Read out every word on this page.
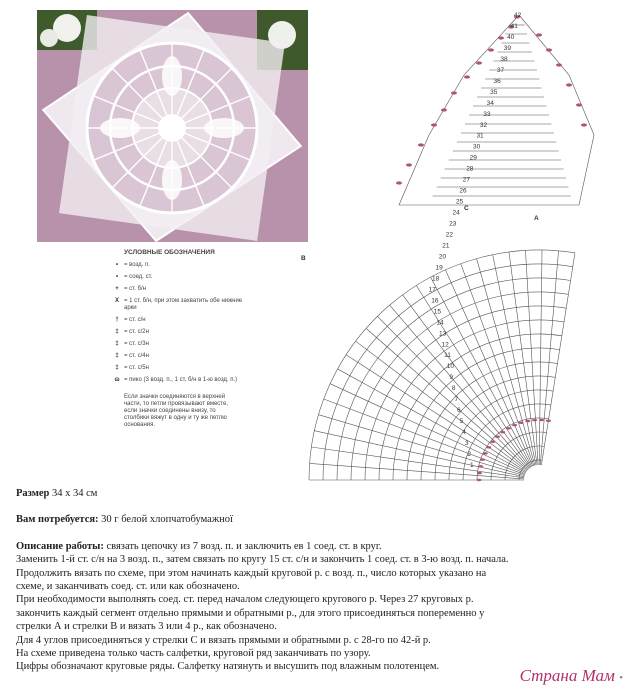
УСЛОВНЫЕ ОБОЗНАЧЕНИЯ
• = возд. п.
• = соед. ст.
+ = ст. б/н
X = 1 ст. б/н, при этом захватить обе нижние арки
† = ст. с/н
‡ = ст. с/2н
‡ = ст. с/3н
‡ = ст. с/4н
‡ = ст. с/5н
ɷ = пико (3 возд. п., 1 ст. б/н в 1-ю возд. п.)
Если значки соединяются в верхней части, то петли провязывают вместе, если значки соединены внизу, то столбики вяжут в одну и ту же петлю основания.
42
41
40
39
38
37
36
35
34
33
32
31
30
29
28
27
26
25
24
23
22
21
20
19
18
17
16
15
14
13
12
11
10
9
8
7
6
5
4
3
2
1
A
B
C
Размер 34 х 34 см
Вам потребуется: 30 г белой хлопчатобумажної
Описание работы: связать цепочку из 7 возд. п. и заключить ев 1 соед. ст. в круг.
Заменить 1-й ст. с/н на 3 возд. п., затем связать по кругу 15 ст. с/н и закончить 1 соед. ст. в 3-ю возд. п. начала.
Продолжить вязать по схеме, при этом начинать каждый круговой р. с возд. п., число которых указано на
схеме, и заканчивать соед. ст. или как обозначено.
При необходимости выполнять соед. ст. перед началом следующего кругового р. Через 27 круговых р.
закончить каждый сегмент отдельно прямыми и обратными р., для этого присоединяться попеременно у
стрелки А и стрелки В и вязать 3 или 4 р., как обозначено.
Для 4 углов присоединяться у стрелки С и вязать прямыми и обратными р. с 28-го по 42-й р.
На схеме приведена только часть салфетки, круговой ряд заканчивать по узору.
Цифры обозначают круговые ряды. Салфетку натянуть и высушить под влажным полотенцем.	Страна Мам •
